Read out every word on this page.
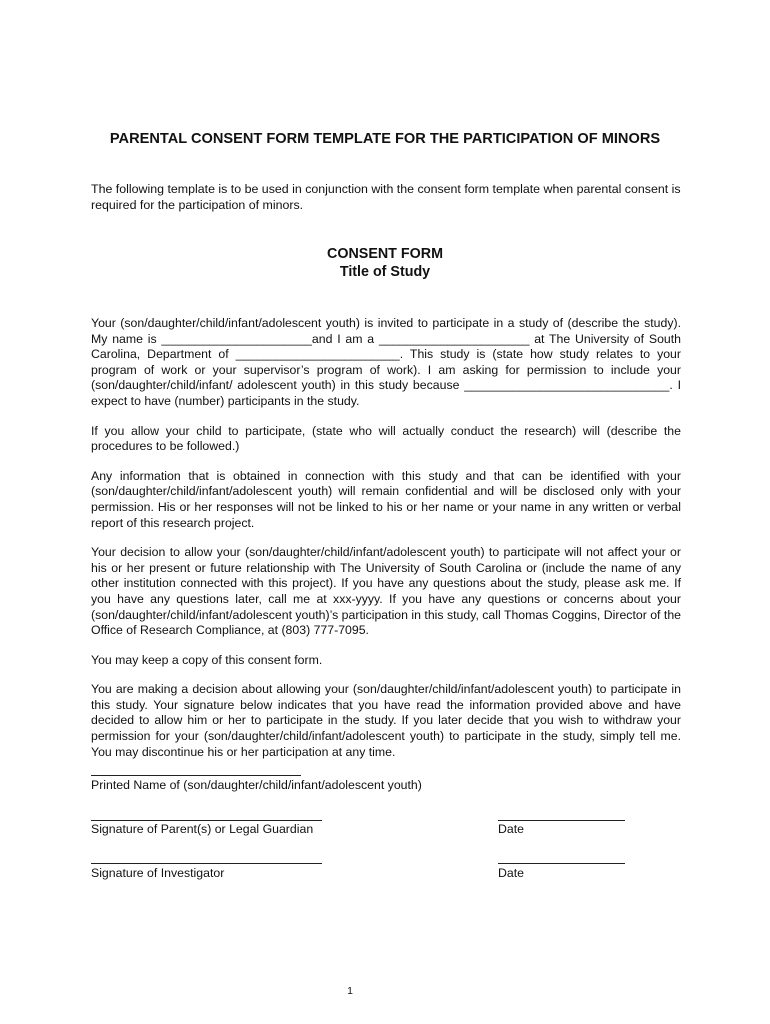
PARENTAL CONSENT FORM TEMPLATE FOR THE PARTICIPATION OF MINORS

The following template is to be used in conjunction with the consent form template when parental consent is required for the participation of minors.

CONSENT FORM
Title of Study

Your (son/daughter/child/infant/adolescent youth) is invited to participate in a study of (describe the study). My name is ______________________and I am a ______________________ at The University of South Carolina, Department of ________________________. This study is (state how study relates to your program of work or your supervisor’s program of work). I am asking for permission to include your (son/daughter/child/infant/ adolescent youth) in this study because ______________________________. I expect to have (number) participants in the study.

If you allow your child to participate, (state who will actually conduct the research) will (describe the procedures to be followed.)

Any information that is obtained in connection with this study and that can be identified with your (son/daughter/child/infant/adolescent youth) will remain confidential and will be disclosed only with your permission. His or her responses will not be linked to his or her name or your name in any written or verbal report of this research project.

Your decision to allow your (son/daughter/child/infant/adolescent youth) to participate will not affect your or his or her present or future relationship with The University of South Carolina or (include the name of any other institution connected with this project). If you have any questions about the study, please ask me. If you have any questions later, call me at xxx-yyyy. If you have any questions or concerns about your (son/daughter/child/infant/adolescent youth)’s participation in this study, call Thomas Coggins, Director of the Office of Research Compliance, at (803) 777-7095.

You may keep a copy of this consent form.

You are making a decision about allowing your (son/daughter/child/infant/adolescent youth) to participate in this study. Your signature below indicates that you have read the information provided above and have decided to allow him or her to participate in the study. If you later decide that you wish to withdraw your permission for your (son/daughter/child/infant/adolescent youth) to participate in the study, simply tell me. You may discontinue his or her participation at any time.

Printed Name of (son/daughter/child/infant/adolescent youth)
Signature of Parent(s) or Legal Guardian	Date
Signature of Investigator	Date
1
